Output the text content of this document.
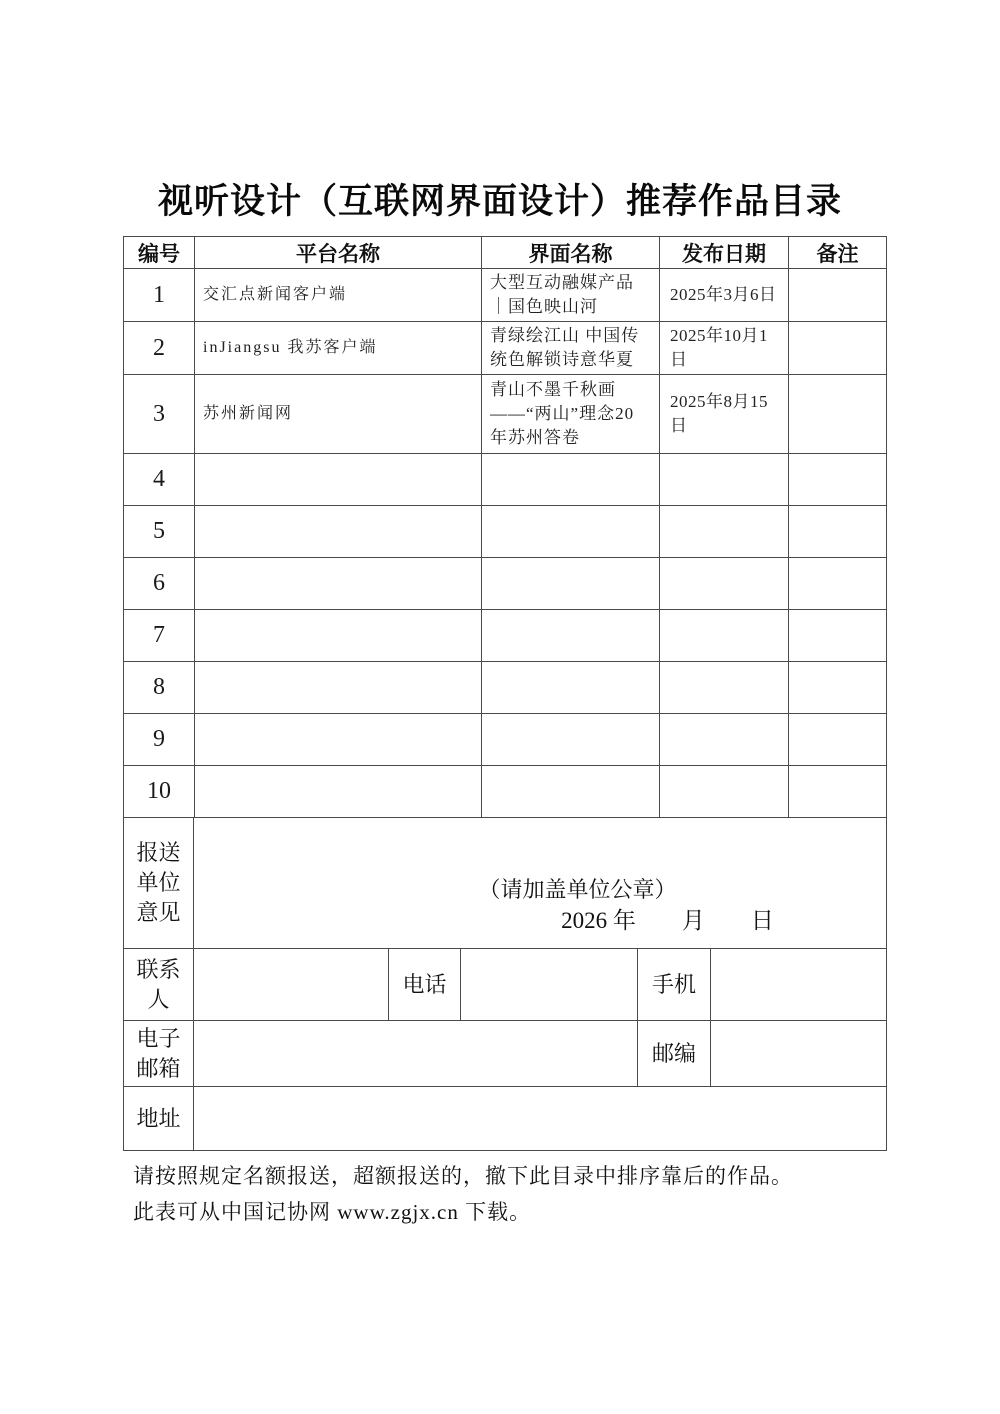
视听设计（互联网界面设计）推荐作品目录
编号	平台名称	界面名称	发布日期	备注
1	交汇点新闻客户端	大型互动融媒产品｜国色映山河	2025年3月6日	
2	inJiangsu 我苏客户端	青绿绘江山 中国传统色解锁诗意华夏	2025年10月1日	
3	苏州新闻网	青山不墨千秋画——“两山”理念20年苏州答卷	2025年8月15日	
4				
5				
6				
7				
8				
9				
10				
报送单位意见	（请加盖单位公章）
2026 年　　月　　日				

联系人		电话		手机	
电子邮箱				邮编	
地址					
请按照规定名额报送，超额报送的，撤下此目录中排序靠后的作品。
此表可从中国记协网 www.zgjx.cn 下载。
